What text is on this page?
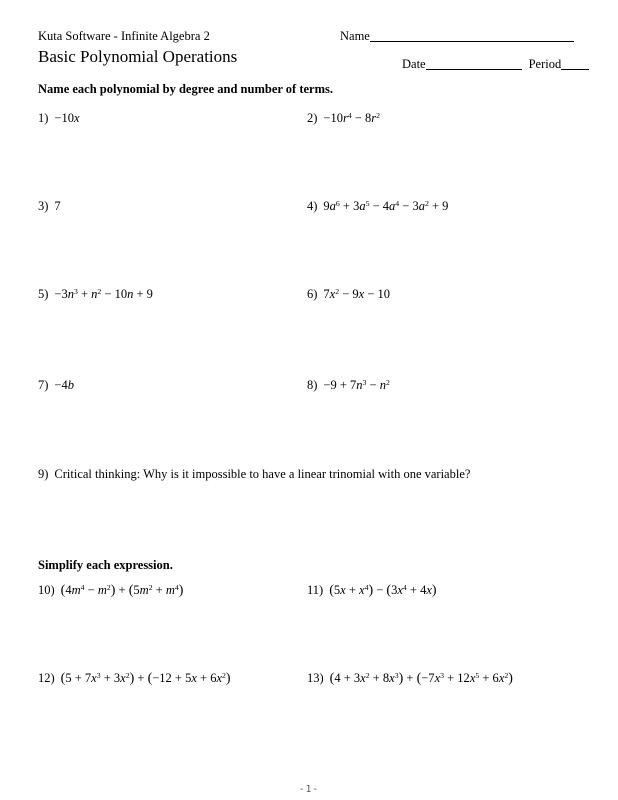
Kuta Software - Infinite Algebra 2	Name
Basic Polynomial Operations	Date	Period
Name each polynomial by degree and number of terms.
1) −10x	$2) -10r^4 - 8r^2$
3) 7	4) $9a^6 + 3a^5 - 4a^4 - 3a^2 + 9$
$5) -3n^3 + n^2 - 10n + 9$	6) $7x^2 - 9x - 10$
7) −4b	$8) -9 + 7n^3 - n^2$
9) Critical thinking: Why is it impossible to have a linear trinomial with one variable?
Simplify each expression.
10) $(4m^4 - m^2) + (5m^2 + m^4)$	11) $(5x + x^4) - (3x^4 + 4x)$
12) $(5 + 7x^3 + 3x^2) + (-12 + 5x + 6x^2)$	13) $(4 + 3x^2 + 8x^3) + (-7x^3 + 12x^5 + 6x^2)$
-1-
